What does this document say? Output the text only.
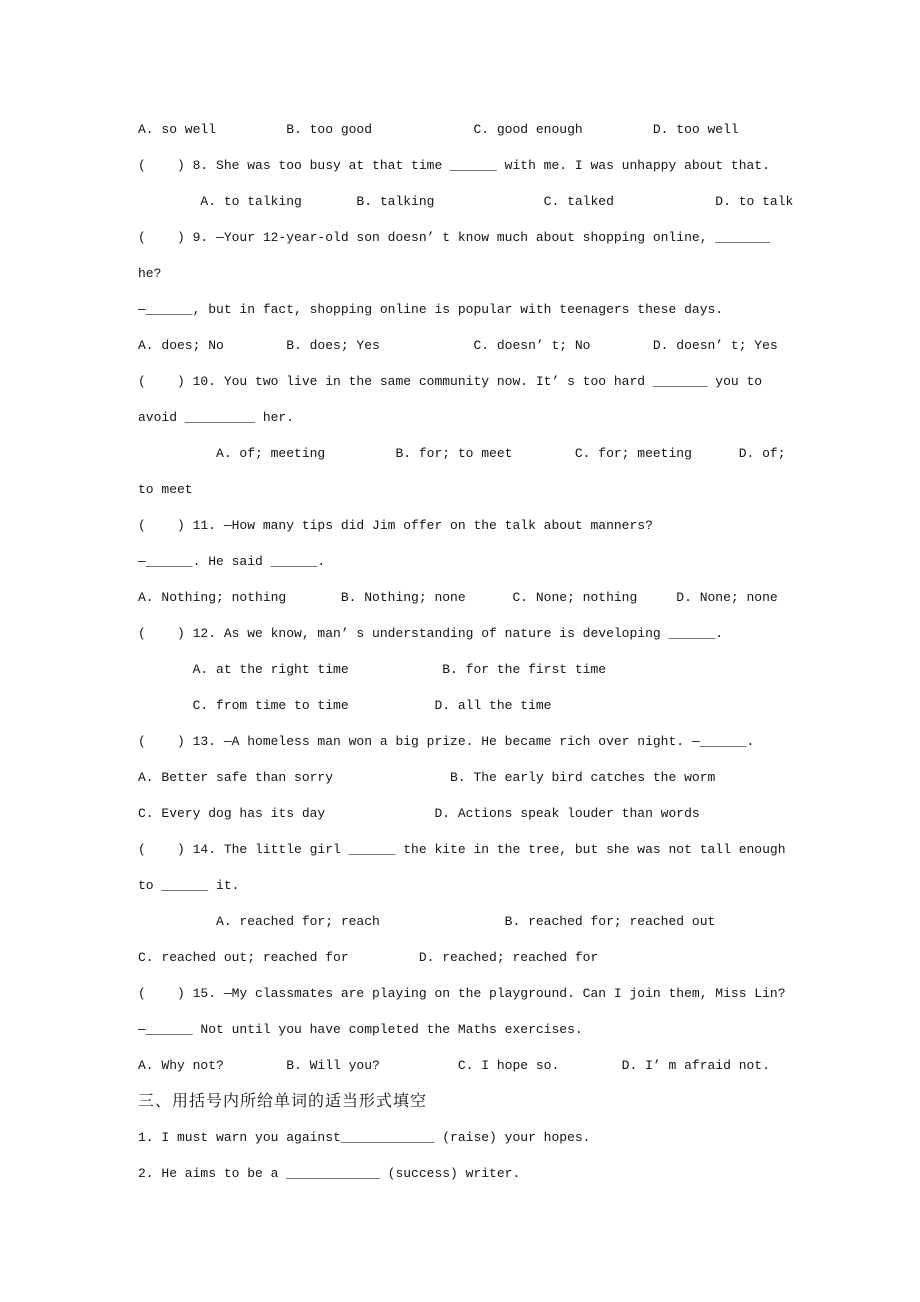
A. so well         B. too good             C. good enough         D. too well
(    ) 8. She was too busy at that time ______ with me. I was unhappy about that.
A. to talking       B. talking              C. talked             D. to talk
(    ) 9. —Your 12-year-old son doesn’ t know much about shopping online, _______
he?
—______, but in fact, shopping online is popular with teenagers these days.
A. does; No        B. does; Yes            C. doesn’ t; No        D. doesn’ t; Yes
(    ) 10. You two live in the same community now. It’ s too hard _______ you to
avoid _________ her.
A. of; meeting         B. for; to meet        C. for; meeting      D. of;
to meet
(    ) 11. —How many tips did Jim offer on the talk about manners?
—______. He said ______.
A. Nothing; nothing       B. Nothing; none      C. None; nothing     D. None; none
(    ) 12. As we know, man’ s understanding of nature is developing ______.
A. at the right time            B. for the first time
C. from time to time           D. all the time
(    ) 13. —A homeless man won a big prize. He became rich over night. —______.
A. Better safe than sorry               B. The early bird catches the worm
C. Every dog has its day              D. Actions speak louder than words
(    ) 14. The little girl ______ the kite in the tree, but she was not tall enough
to ______ it.
A. reached for; reach                B. reached for; reached out
C. reached out; reached for         D. reached; reached for
(    ) 15. —My classmates are playing on the playground. Can I join them, Miss Lin?
—______ Not until you have completed the Maths exercises.
A. Why not?        B. Will you?          C. I hope so.        D. I’ m afraid not.
三、用括号内所给单词的适当形式填空
1. I must warn you against____________ (raise) your hopes.
2. He aims to be a ____________ (success) writer.
